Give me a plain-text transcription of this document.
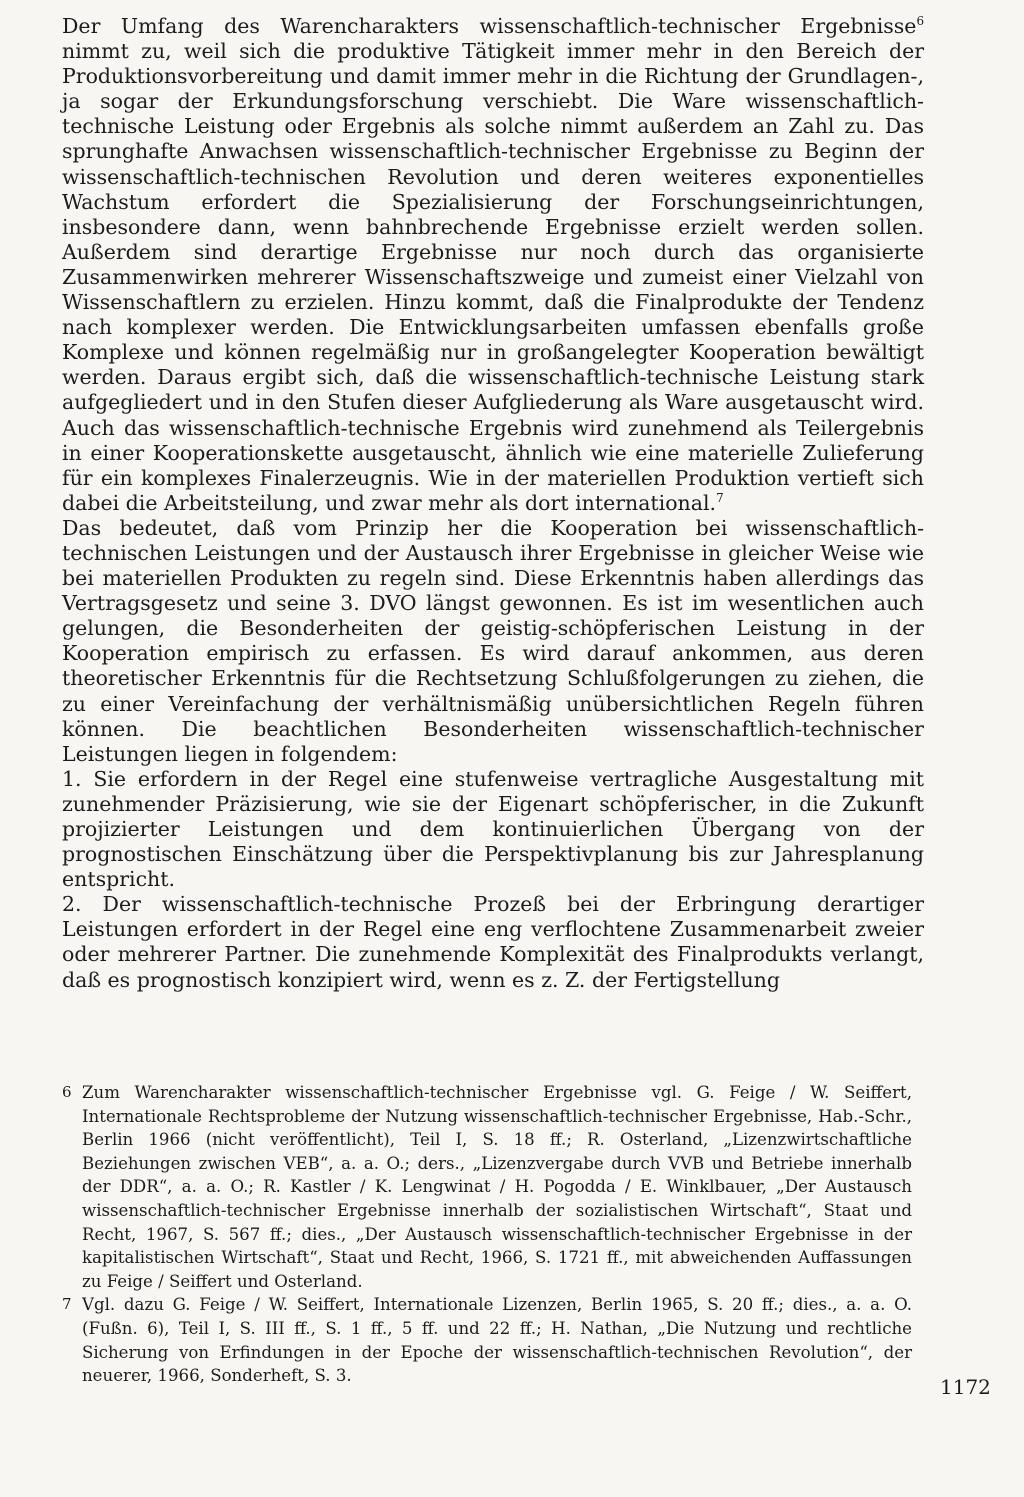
Der Umfang des Warencharakters wissenschaftlich-technischer Ergebnisse$^6$ nimmt zu, weil sich die produktive Tätigkeit immer mehr in den Bereich der Produktionsvorbereitung und damit immer mehr in die Richtung der Grundlagen-, ja sogar der Erkundungsforschung verschiebt. Die Ware wissenschaftlich-technische Leistung oder Ergebnis als solche nimmt außerdem an Zahl zu. Das sprunghafte Anwachsen wissenschaftlich-technischer Ergebnisse zu Beginn der wissenschaftlich-technischen Revolution und deren weiteres exponentielles Wachstum erfordert die Spezialisierung der Forschungseinrichtungen, insbesondere dann, wenn bahnbrechende Ergebnisse erzielt werden sollen. Außerdem sind derartige Ergebnisse nur noch durch das organisierte Zusammenwirken mehrerer Wissenschaftszweige und zumeist einer Vielzahl von Wissenschaftlern zu erzielen. Hinzu kommt, daß die Finalprodukte der Tendenz nach komplexer werden. Die Entwicklungsarbeiten umfassen ebenfalls große Komplexe und können regelmäßig nur in großangelegter Kooperation bewältigt werden. Daraus ergibt sich, daß die wissenschaftlich-technische Leistung stark aufgegliedert und in den Stufen dieser Aufgliederung als Ware ausgetauscht wird. Auch das wissenschaftlich-technische Ergebnis wird zunehmend als Teilergebnis in einer Kooperationskette ausgetauscht, ähnlich wie eine materielle Zulieferung für ein komplexes Finalerzeugnis. Wie in der materiellen Produktion vertieft sich dabei die Arbeitsteilung, und zwar mehr als dort international.$^7$

Das bedeutet, daß vom Prinzip her die Kooperation bei wissenschaftlich-technischen Leistungen und der Austausch ihrer Ergebnisse in gleicher Weise wie bei materiellen Produkten zu regeln sind. Diese Erkenntnis haben allerdings das Vertragsgesetz und seine 3. DVO längst gewonnen. Es ist im wesentlichen auch gelungen, die Besonderheiten der geistig-schöpferischen Leistung in der Kooperation empirisch zu erfassen. Es wird darauf ankommen, aus deren theoretischer Erkenntnis für die Rechtsetzung Schlußfolgerungen zu ziehen, die zu einer Vereinfachung der verhältnismäßig unübersichtlichen Regeln führen können. Die beachtlichen Besonderheiten wissenschaftlich-technischer Leistungen liegen in folgendem:

1. Sie erfordern in der Regel eine stufenweise vertragliche Ausgestaltung mit zunehmender Präzisierung, wie sie der Eigenart schöpferischer, in die Zukunft projizierter Leistungen und dem kontinuierlichen Übergang von der prognostischen Einschätzung über die Perspektivplanung bis zur Jahresplanung entspricht.

2. Der wissenschaftlich-technische Prozeß bei der Erbringung derartiger Leistungen erfordert in der Regel eine eng verflochtene Zusammenarbeit zweier oder mehrerer Partner. Die zunehmende Komplexität des Finalprodukts verlangt, daß es prognostisch konzipiert wird, wenn es z. Z. der Fertigstellung

6 Zum Warencharakter wissenschaftlich-technischer Ergebnisse vgl. G. Feige / W. Seiffert, Internationale Rechtsprobleme der Nutzung wissenschaftlich-technischer Ergebnisse, Hab.-Schr., Berlin 1966 (nicht veröffentlicht), Teil I, S. 18 ff.; R. Osterland, „Lizenzwirtschaftliche Beziehungen zwischen VEB“, a. a. O.; ders., „Lizenzvergabe durch VVB und Betriebe innerhalb der DDR“, a. a. O.; R. Kastler / K. Lengwinat / H. Pogodda / E. Winklbauer, „Der Austausch wissenschaftlich-technischer Ergebnisse innerhalb der sozialistischen Wirtschaft“, Staat und Recht, 1967, S. 567 ff.; dies., „Der Austausch wissenschaftlich-technischer Ergebnisse in der kapitalistischen Wirtschaft“, Staat und Recht, 1966, S. 1721 ff., mit abweichenden Auffassungen zu Feige / Seiffert und Osterland.

7 Vgl. dazu G. Feige / W. Seiffert, Internationale Lizenzen, Berlin 1965, S. 20 ff.; dies., a. a. O. (Fußn. 6), Teil I, S. III ff., S. 1 ff., 5 ff. und 22 ff.; H. Nathan, „Die Nutzung und rechtliche Sicherung von Erfindungen in der Epoche der wissenschaftlich-technischen Revolution“, der neuerer, 1966, Sonderheft, S. 3.	1172
